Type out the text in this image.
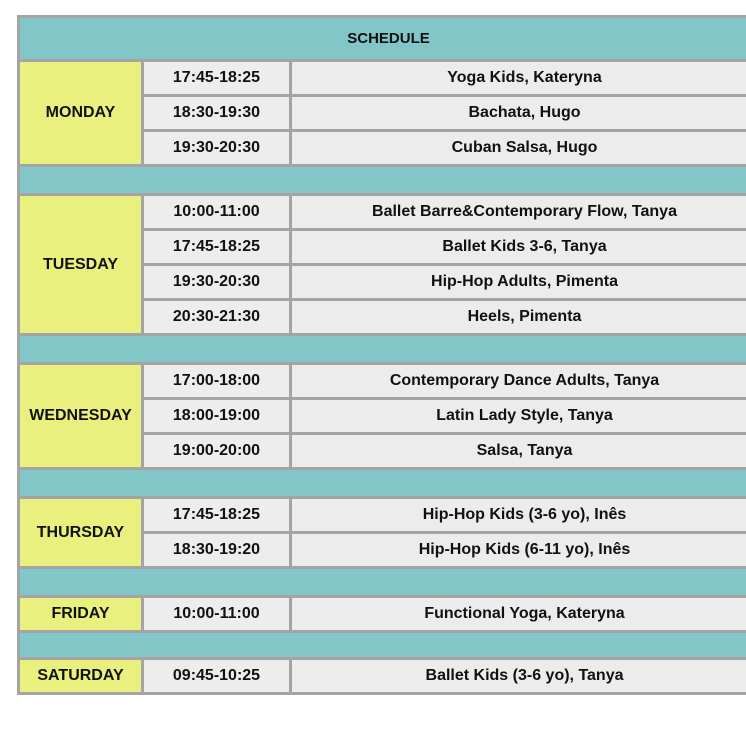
SCHEDULE		
MONDAY	17:45-18:25	Yoga Kids, Kateryna
	18:30-19:30	Bachata, Hugo
	19:30-20:30	Cuban Salsa, Hugo

TUESDAY	10:00-11:00	Ballet Barre&Contemporary Flow, Tanya
	17:45-18:25	Ballet Kids 3-6, Tanya
	19:30-20:30	Hip-Hop Adults, Pimenta
	20:30-21:30	Heels, Pimenta

WEDNESDAY	17:00-18:00	Contemporary Dance Adults, Tanya
	18:00-19:00	Latin Lady Style, Tanya
	19:00-20:00	Salsa, Tanya

THURSDAY	17:45-18:25	Hip-Hop Kids (3-6 yo), Inês
	18:30-19:20	Hip-Hop Kids (6-11 yo), Inês

FRIDAY	10:00-11:00	Functional Yoga, Kateryna

SATURDAY	09:45-10:25	Ballet Kids (3-6 yo), Tanya
